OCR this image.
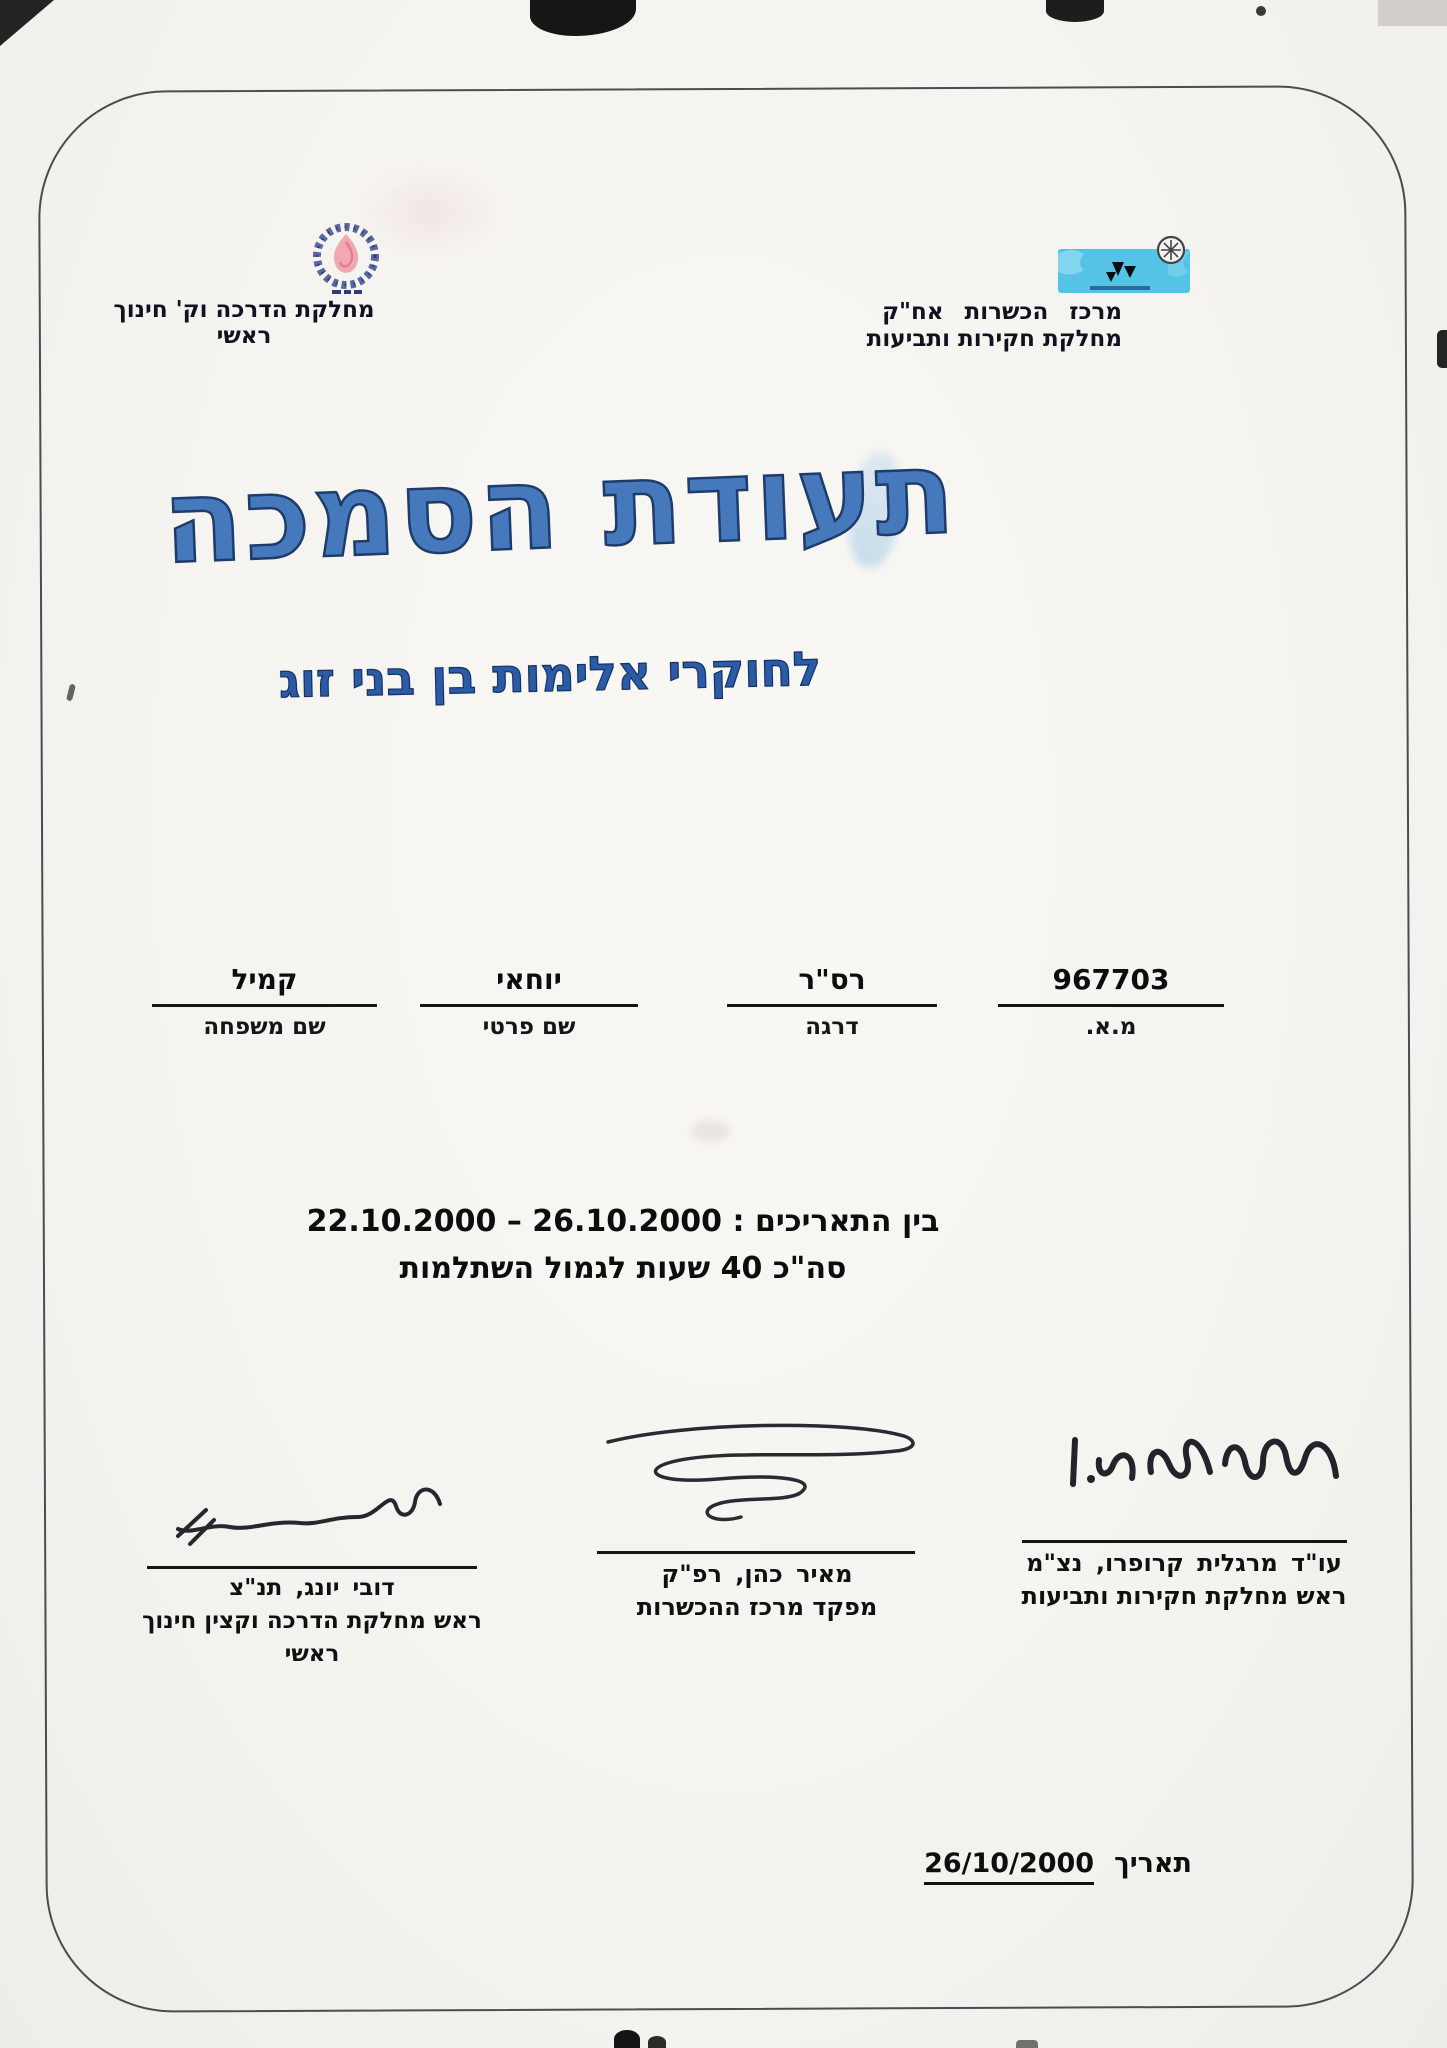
מחלקת הדרכה וק' חינוך ראשי
מרכז הכשרות אח"ק
מחלקת חקירות ותביעות
תעודת הסמכה
לחוקרי אלימות בן בני זוג
967703
מ.א.
רס"ר
דרגה
יוחאי
שם פרטי
קמיל
שם משפחה
בין התאריכים : 22.10.2000 – 26.10.2000
סה"כ 40 שעות לגמול השתלמות
עו"ד מרגלית קרופרו, נצ"מ
ראש מחלקת חקירות ותביעות
מאיר כהן, רפ"ק
מפקד מרכז ההכשרות
דובי יונג, תנ"צ
ראש מחלקת הדרכה וקצין חינוך ראשי
תאריך
26/10/2000
